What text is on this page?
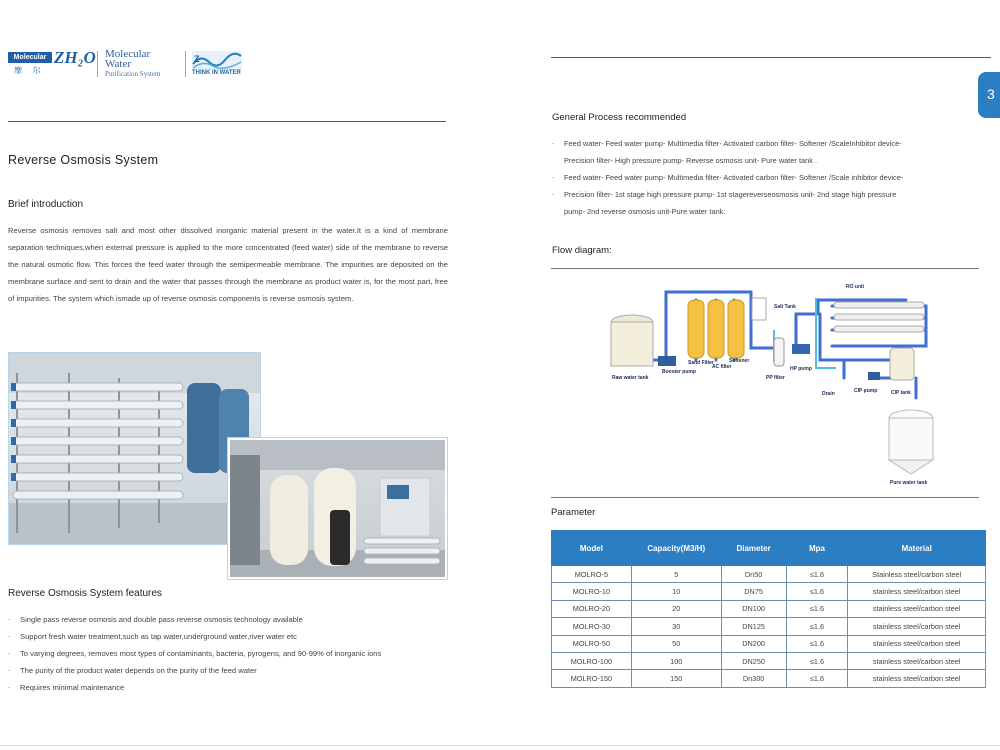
Molecular
摩 尔
ZH₂O Molecular
Water
Purification System
Z
THINK IN WATER
3
Reverse Osmosis System
Brief introduction

Reverse osmosis removes salt and most other dissolved inorganic material present in the water.It is a kind of membrane separation techniques,when external pressure is applied to the more concentrated (feed water) side of the membrane to reverse the natural osmotic flow. This forces the feed water through the semipermeable membrane. The impurities are deposited on the membrane surface and sent to drain and the water that passes through the membrane as product water is, for the most part, free of impurities. The system which ismade up of reverse osmosis components is reverse osmosis system.

Reverse Osmosis System features
. Single pass reverse osmosis and double pass reverse osmosis technology available
. Support fresh water treatment,such as tap water,underground water,river water etc
. To varying degrees, removes most types of contaminants, bacteria, pyrogens, and 90-99% of inorganic ions
. The purity of the product water depends on the purity of the feed water
. Requires minimal maintenance
General Process recommended
. Feed water- Feed water pump- Multimedia filter- Activated carbon filter- Softener /ScaleInhibitor device-
Precision filter- High pressure pump- Reverse osmosis unit- Pure water tank .
. Feed water- Feed water pump- Multimedia filter- Activated carbon filter- Softener /Scale inhibitor device-
. Precision filter- 1st stage high pressure pump- 1st stagereverseosmosis unit- 2nd stage high pressure
pump- 2nd reverse osmosis unit-Pure water tank.
Flow diagram:
Raw water tank
Booster pump
Sand Filter
AC filter
Softener
Salt Tank
PP filter
HP pump
Drain
RO unit
CIP pump	CIP tank
Pure water tank
Parameter
Model	Capacity(M3/H)	Diameter	Mpa	Material
MOLRO-5	5	Dn50	≤1.6	Stainless steel/carbon steel
MOLRO-10	10	DN75	≤1.6	stainless steel/carbon steel
MOLRO-20	20	DN100	≤1.6	stainless steel/carbon steel
MOLRO-30	30	DN125	≤1.6	stainless steel/carbon steel
MOLRO-50	50	DN200	≤1.6	stainless steel/carbon steel
MOLRO-100	100	DN250	≤1.6	stainless steel/carbon steel
MOLRO-150	150	Dn300	≤1.6	stainless steel/carbon steel
